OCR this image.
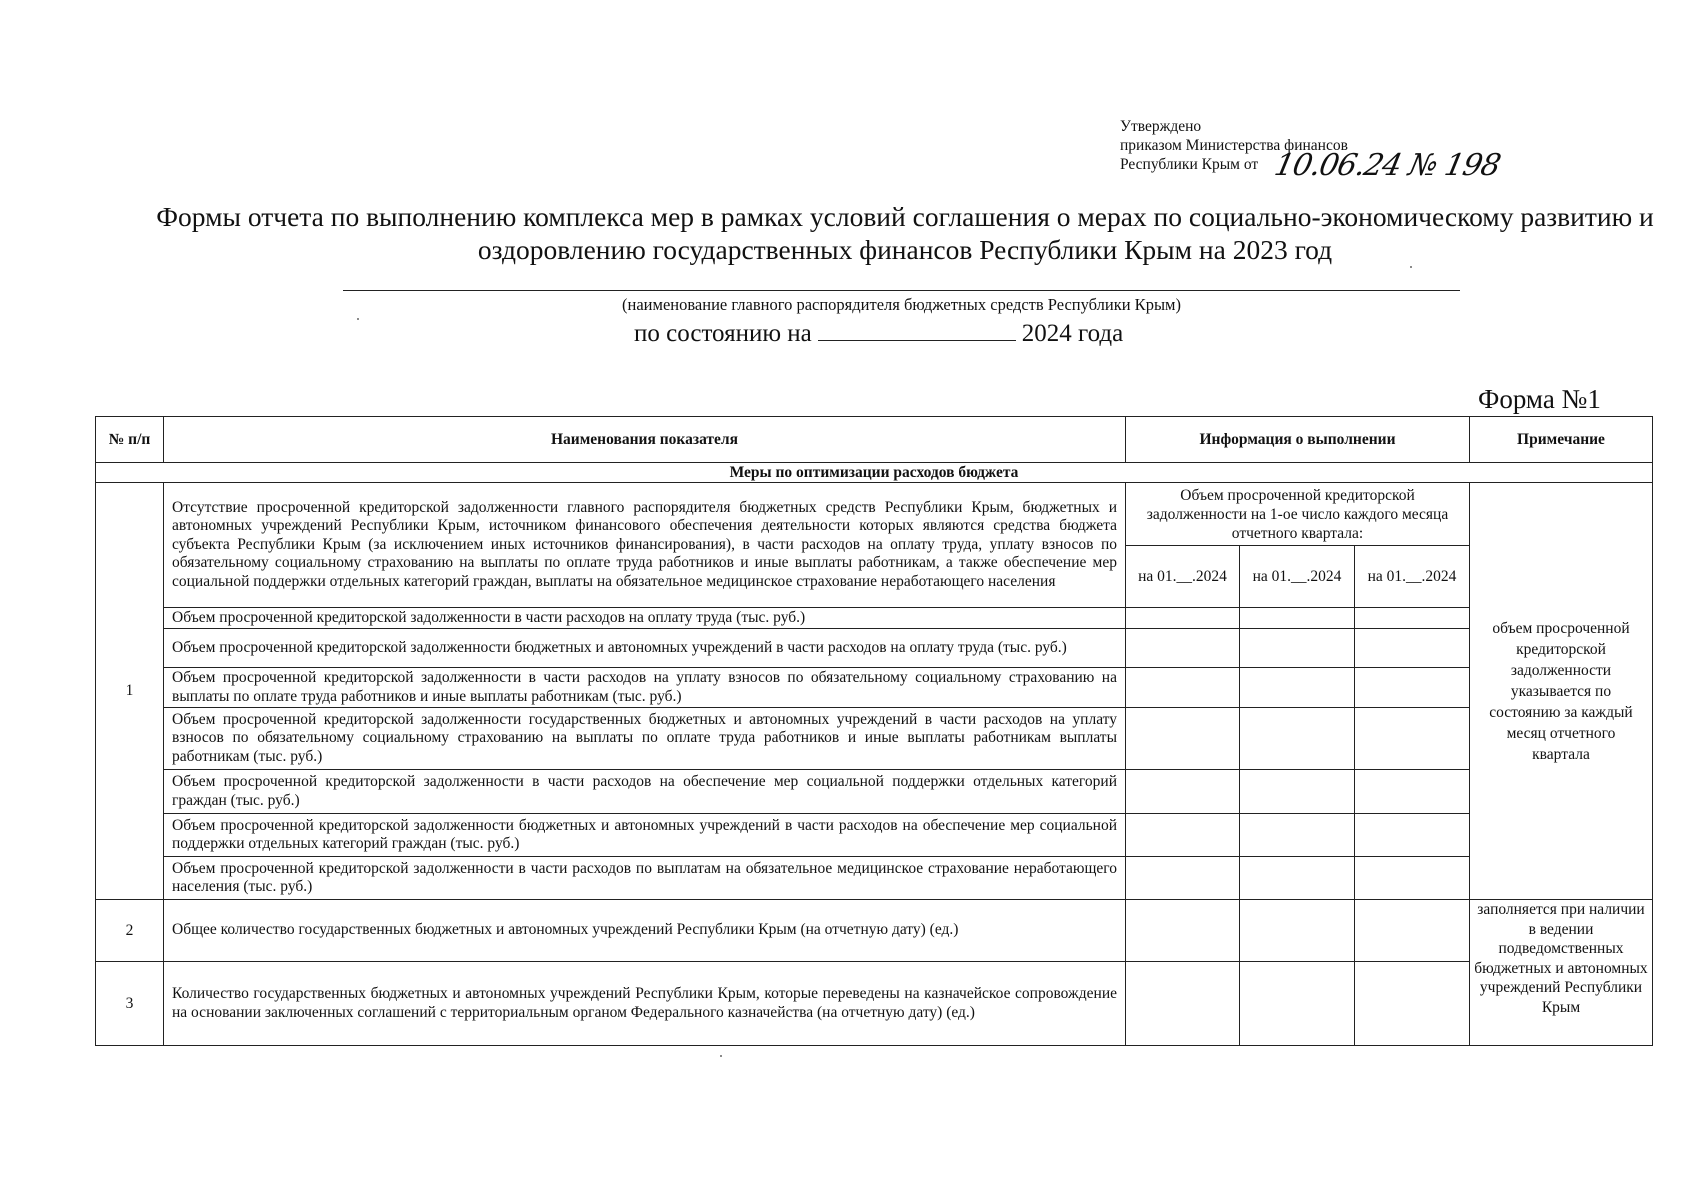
Утверждено
приказом Министерства финансов
Республики Крым от 10.06.24 № 198
Формы отчета по выполнению комплекса мер в рамках условий соглашения о мерах по социально-экономическому развитию и
оздоровлению государственных финансов Республики Крым на 2023 год
(наименование главного распорядителя бюджетных средств Республики Крым)
по состоянию на	2024 года
Форма №1
№ п/п	Наименования показателя	Информация о выполнении			Примечание
Меры по оптимизации расходов бюджета					
1	Отсутствие просроченной кредиторской задолженности главного распорядителя бюджетных средств Республики Крым, бюджетных и автономных учреждений Республики Крым, источником финансового обеспечения деятельности которых являются средства бюджета субъекта Республики Крым (за исключением иных источников финансирования), в части расходов на оплату труда, уплату взносов по обязательному социальному страхованию на выплаты по оплате труда работников и иные выплаты работникам, а также обеспечение мер социальной поддержки отдельных категорий граждан, выплаты на обязательное медицинское страхование неработающего населения	Объем просроченной кредиторской задолженности на 1-ое число каждого месяца отчетного квартала:			объем просроченной кредиторской задолженности указывается по состоянию за каждый месяц отчетного квартала
		на 01.__.2024	на 01.__.2024	на 01.__.2024	
	Объем просроченной кредиторской задолженности в части расходов на оплату труда (тыс. руб.)				
	Объем просроченной кредиторской задолженности бюджетных и автономных учреждений в части расходов на оплату труда (тыс. руб.)				
	Объем просроченной кредиторской задолженности в части расходов на уплату взносов по обязательному социальному страхованию на выплаты по оплате труда работников и иные выплаты работникам (тыс. руб.)				
	Объем просроченной кредиторской задолженности государственных бюджетных и автономных учреждений в части расходов на уплату взносов по обязательному социальному страхованию на выплаты по оплате труда работников и иные выплаты работникам выплаты работникам (тыс. руб.)				
	Объем просроченной кредиторской задолженности в части расходов на обеспечение мер социальной поддержки отдельных категорий граждан (тыс. руб.)				
	Объем просроченной кредиторской задолженности бюджетных и автономных учреждений в части расходов на обеспечение мер социальной поддержки отдельных категорий граждан (тыс. руб.)				
	Объем просроченной кредиторской задолженности в части расходов по выплатам на обязательное медицинское страхование неработающего населения (тыс. руб.)				
2	Общее количество государственных бюджетных и автономных учреждений Республики Крым (на отчетную дату) (ед.)				заполняется при наличии в ведении подведомственных бюджетных и автономных учреждений Республики Крым
3	Количество государственных бюджетных и автономных учреждений Республики Крым, которые переведены на казначейское сопровождение на основании заключенных соглашений с территориальным органом Федерального казначейства (на отчетную дату) (ед.)				
